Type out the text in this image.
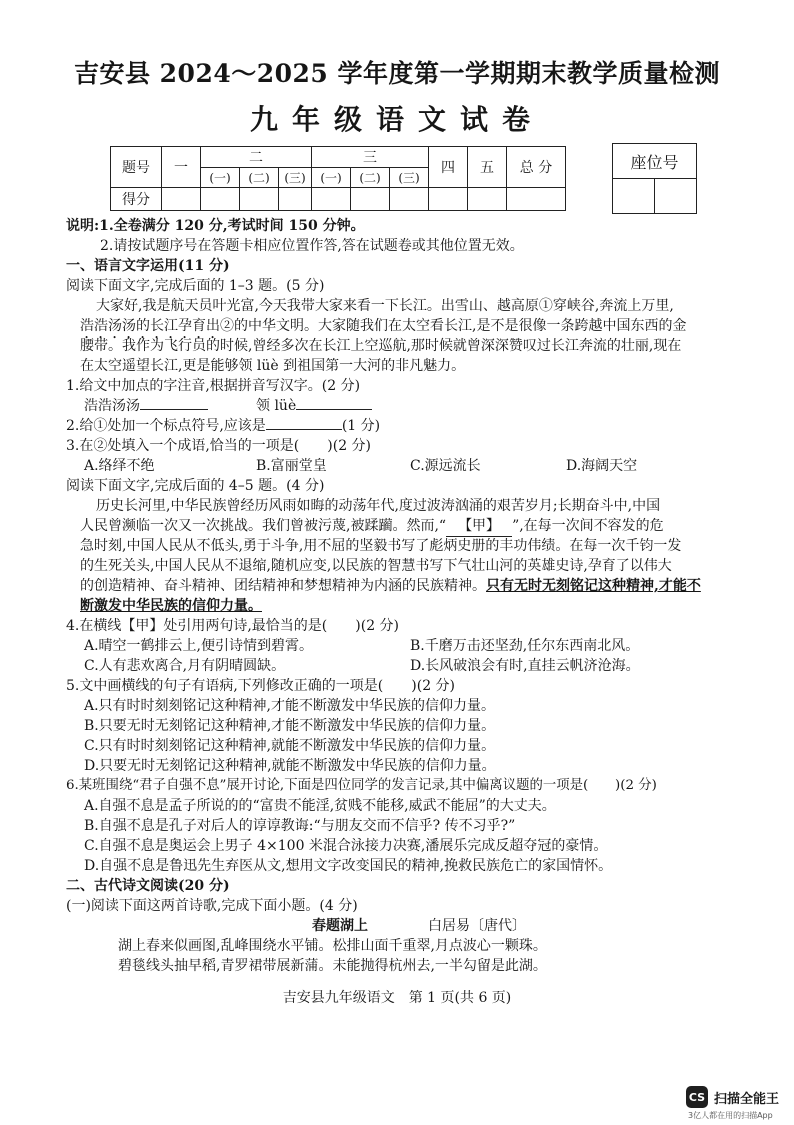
吉安县 2024～2025 学年度第一学期期末教学质量检测
九年级语文试卷
题号	一	二			三			四	五	总 分
		(一)	(二)	(三)	(一)	(二)	(三)			
得分										
座位号

说明:1.全卷满分 120 分,考试时间 150 分钟。
2.请按试题序号在答题卡相应位置作答,答在试题卷或其他位置无效。
一、语言文字运用(11 分)
阅读下面文字,完成后面的 1–3 题。(5 分)
大家好,我是航天员叶光富,今天我带大家来看一下长江。出雪山、越高原①穿峡谷,奔流上万里,
浩浩汤汤的长江孕育出②的中华文明。大家随我们在太空看长江,是不是很像一条跨越中国东西的金
腰带。我作为飞行员的时候,曾经多次在长江上空巡航,那时候就曾深深赞叹过长江奔流的壮丽,现在
在太空遥望长江,更是能够领 lüè 到祖国第一大河的非凡魅力。
1.给文中加点的字注音,根据拼音写汉字。(2 分)
浩浩汤汤	领 lüè
2.给①处加一个标点符号,应该是	(1 分)
3.在②处填入一个成语,恰当的一项是(　　)(2 分)
A.络绎不绝	B.富丽堂皇	C.源远流长	D.海阔天空
阅读下面文字,完成后面的 4–5 题。(4 分)
历史长河里,中华民族曾经历风雨如晦的动荡年代,度过波涛汹涌的艰苦岁月;长期奋斗中,中国
人民曾濒临一次又一次挑战。我们曾被污蔑,被蹂躏。然而,“ 【甲】 ”,在每一次间不容发的危
急时刻,中国人民从不低头,勇于斗争,用不屈的坚毅书写了彪炳史册的丰功伟绩。在每一次千钧一发
的生死关头,中国人民从不退缩,随机应变,以民族的智慧书写下气壮山河的英雄史诗,孕育了以伟大
的创造精神、奋斗精神、团结精神和梦想精神为内涵的民族精神。只有无时无刻铭记这种精神,才能不
断激发中华民族的信仰力量。
4.在横线【甲】处引用两句诗,最恰当的是(　　)(2 分)
A.晴空一鹤排云上,便引诗情到碧霄。	B.千磨万击还坚劲,任尔东西南北风。
C.人有悲欢离合,月有阴晴圆缺。	D.长风破浪会有时,直挂云帆济沧海。
5.文中画横线的句子有语病,下列修改正确的一项是(　　)(2 分)
A.只有时时刻刻铭记这种精神,才能不断激发中华民族的信仰力量。
B.只要无时无刻铭记这种精神,才能不断激发中华民族的信仰力量。
C.只有时时刻刻铭记这种精神,就能不断激发中华民族的信仰力量。
D.只要无时无刻铭记这种精神,就能不断激发中华民族的信仰力量。
6.某班围绕“君子自强不息”展开讨论,下面是四位同学的发言记录,其中偏离议题的一项是(　　)(2 分)
A.自强不息是孟子所说的的“富贵不能淫,贫贱不能移,威武不能屈”的大丈夫。
B.自强不息是孔子对后人的谆谆教诲:“与朋友交而不信乎? 传不习乎?”
C.自强不息是奥运会上男子 4×100 米混合泳接力决赛,潘展乐完成反超夺冠的豪情。
D.自强不息是鲁迅先生弃医从文,想用文字改变国民的精神,挽救民族危亡的家国情怀。
二、古代诗文阅读(20 分)
(一)阅读下面这两首诗歌,完成下面小题。(4 分)
春题湖上	白居易〔唐代〕
湖上春来似画图,乱峰围绕水平铺。松排山面千重翠,月点波心一颗珠。
碧毯线头抽早稻,青罗裙带展新蒲。未能抛得杭州去,一半勾留是此湖。
吉安县九年级语文　第 1 页(共 6 页)
CS 扫描全能王
3亿人都在用的扫描App
